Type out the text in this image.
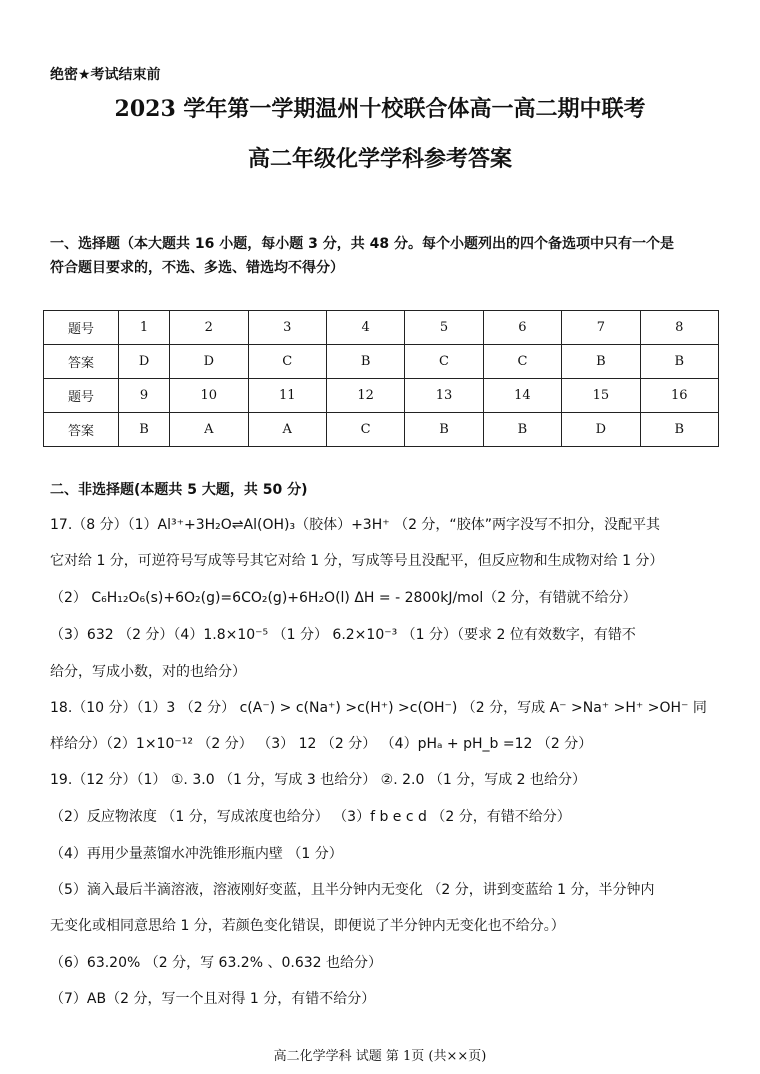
绝密★考试结束前
2023 学年第一学期温州十校联合体高一高二期中联考
高二年级化学学科参考答案
一、选择题（本大题共 16 小题，每小题 3 分，共 48 分。每个小题列出的四个备选项中只有一个是
符合题目要求的，不选、多选、错选均不得分）
题号	1	2	3	4	5	6	7	8
答案	D	D	C	B	C	C	B	B
题号	9	10	11	12	13	14	15	16
答案	B	A	A	C	B	B	D	B
二、非选择题(本题共 5 大题，共 50 分)
17.（8 分）（1）Al³⁺+3H₂O⇌Al(OH)₃（胶体）+3H⁺ （2 分，“胶体”两字没写不扣分，没配平其
它对给 1 分，可逆符号写成等号其它对给 1 分，写成等号且没配平，但反应物和生成物对给 1 分）
（2） C₆H₁₂O₆(s)+6O₂(g)=6CO₂(g)+6H₂O(l) ΔH = - 2800kJ/mol（2 分，有错就不给分）
（3）632 （2 分）（4）1.8×10⁻⁵ （1 分） 6.2×10⁻³ （1 分）（要求 2 位有效数字，有错不
给分，写成小数，对的也给分）
18.（10 分）（1）3 （2 分） c(A⁻) > c(Na⁺) >c(H⁺) >c(OH⁻) （2 分，写成 A⁻ >Na⁺ >H⁺ >OH⁻ 同
样给分）（2）1×10⁻¹² （2 分） （3） 12 （2 分） （4）pHₐ + pH_b =12 （2 分）
19.（12 分）（1） ①. 3.0 （1 分，写成 3 也给分） ②. 2.0 （1 分，写成 2 也给分）
（2）反应物浓度 （1 分，写成浓度也给分） （3）f b e c d （2 分，有错不给分）
（4）再用少量蒸馏水冲洗锥形瓶内壁 （1 分）
（5）滴入最后半滴溶液，溶液刚好变蓝，且半分钟内无变化 （2 分，讲到变蓝给 1 分，半分钟内
无变化或相同意思给 1 分，若颜色变化错误，即便说了半分钟内无变化也不给分。）
（6）63.20% （2 分，写 63.2% 、0.632 也给分）
（7）AB（2 分，写一个且对得 1 分，有错不给分）
高二化学学科 试题 第 1页 (共××页)
